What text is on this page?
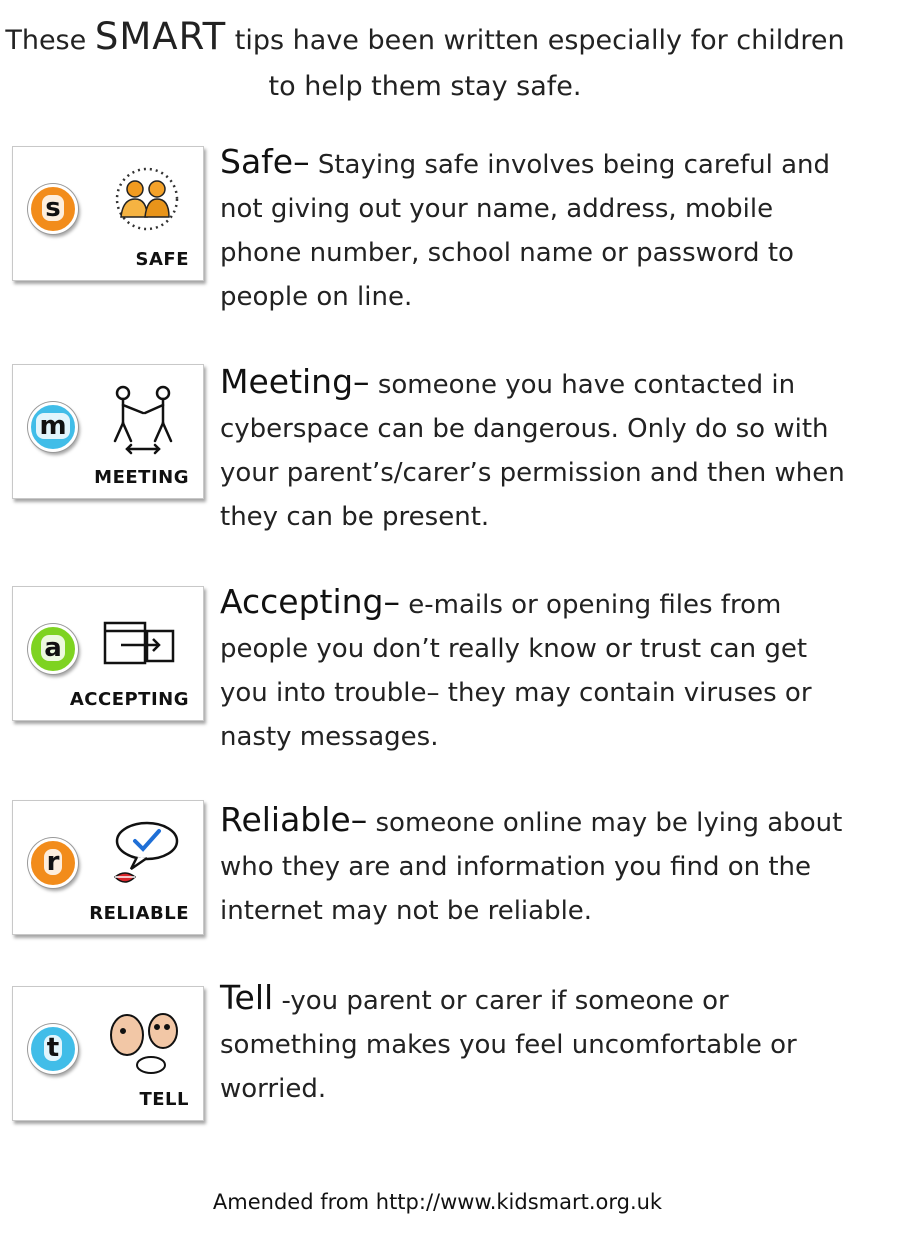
These SMART tips have been written especially for children to help them stay safe.
s
SAFE
Safe– Staying safe involves being careful and not giving out your name, address, mobile phone number, school name or password to people on line.
m
MEETING
Meeting– someone you have contacted in cyberspace can be dangerous. Only do so with your parent’s/carer’s permission and then when they can be present.
a
ACCEPTING
Accepting– e-mails or opening files from people you don’t really know or trust can get you into trouble– they may contain viruses or nasty messages.
r
RELIABLE
Reliable– someone online may be lying about who they are and information you find on the internet may not be reliable.
t
TELL
Tell -you parent or carer if someone or something makes you feel uncomfortable or worried.
Amended from http://www.kidsmart.org.uk
